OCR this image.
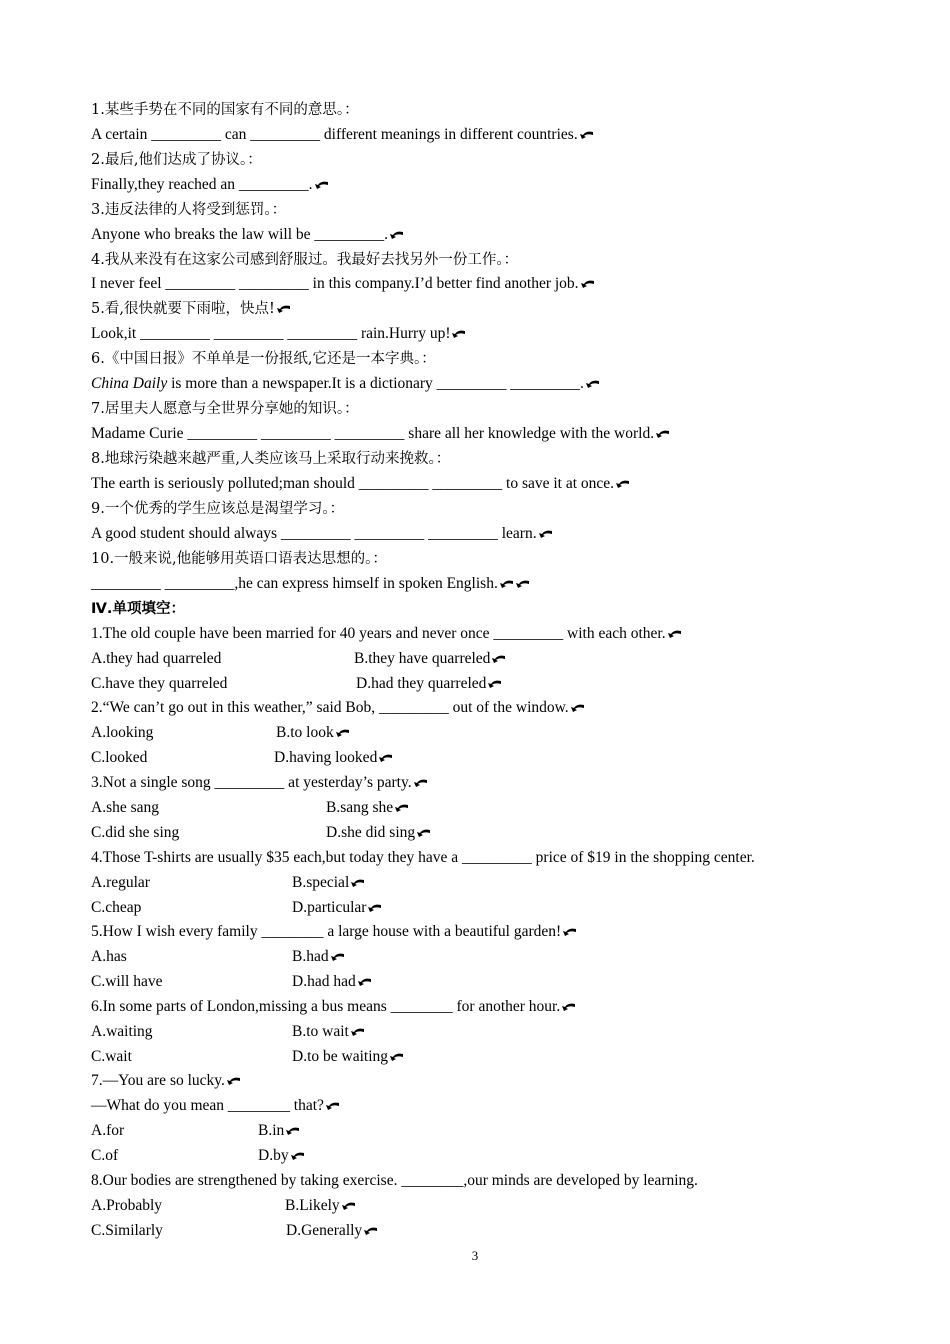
1.某些手势在不同的国家有不同的意思。：
A certain _________ can _________ different meanings in different countries.
2.最后,他们达成了协议。：
Finally,they reached an _________.
3.违反法律的人将受到惩罚。：
Anyone who breaks the law will be _________.
4.我从来没有在这家公司感到舒服过。我最好去找另外一份工作。：
I never feel _________ _________ in this company.I’d better find another job.
5.看,很快就要下雨啦，快点!
Look,it _________ _________ _________ rain.Hurry up!
6.《中国日报》不单单是一份报纸,它还是一本字典。：
China Daily is more than a newspaper.It is a dictionary _________ _________.
7.居里夫人愿意与全世界分享她的知识。：
Madame Curie _________ _________ _________ share all her knowledge with the world.
8.地球污染越来越严重,人类应该马上采取行动来挽救。：
The earth is seriously polluted;man should _________ _________ to save it at once.
9.一个优秀的学生应该总是渴望学习。：
A good student should always _________ _________ _________ learn.
10.一般来说,他能够用英语口语表达思想的。：
_________ _________,he can express himself in spoken English.
Ⅳ.单项填空：
1.The old couple have been married for 40 years and never once _________ with each other.
A.they had quarreled	B.they have quarreled
C.have they quarreled	D.had they quarreled
2.“We can’t go out in this weather,” said Bob, _________ out of the window.
A.looking	B.to look
C.looked	D.having looked
3.Not a single song _________ at yesterday’s party.
A.she sang	B.sang she
C.did she sing	D.she did sing
4.Those T-shirts are usually $35 each,but today they have a _________ price of $19 in the shopping center.
A.regular	B.special
C.cheap	D.particular
5.How I wish every family ________ a large house with a beautiful garden!
A.has	B.had
C.will have	D.had had
6.In some parts of London,missing a bus means ________ for another hour.
A.waiting	B.to wait
C.wait	D.to be waiting
7.—You are so lucky.
—What do you mean ________ that?
A.for	B.in
C.of	D.by
8.Our bodies are strengthened by taking exercise. ________,our minds are developed by learning.
A.Probably	B.Likely
C.Similarly	D.Generally
3
